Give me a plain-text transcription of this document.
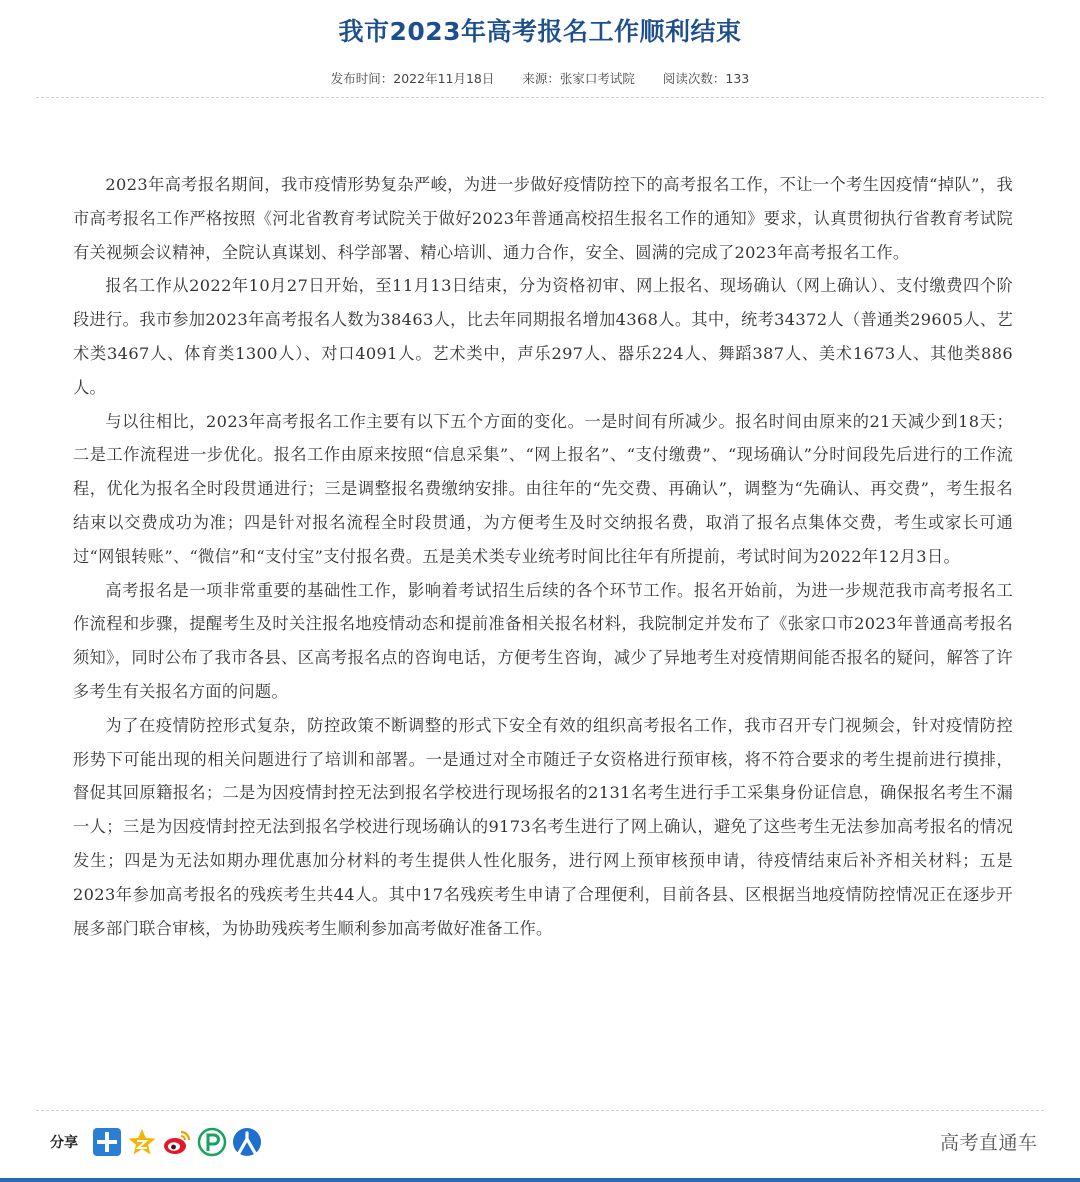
我市2023年高考报名工作顺利结束
发布时间：2022年11月18日 来源：张家口考试院 阅读次数：133

2023年高考报名期间，我市疫情形势复杂严峻，为进一步做好疫情防控下的高考报名工作，不让一个考生因疫情“掉队”，我市高考报名工作严格按照《河北省教育考试院关于做好2023年普通高校招生报名工作的通知》要求，认真贯彻执行省教育考试院有关视频会议精神，全院认真谋划、科学部署、精心培训、通力合作，安全、圆满的完成了2023年高考报名工作。

报名工作从2022年10月27日开始，至11月13日结束，分为资格初审、网上报名、现场确认（网上确认）、支付缴费四个阶段进行。我市参加2023年高考报名人数为38463人，比去年同期报名增加4368人。其中，统考34372人（普通类29605人、艺术类3467人、体育类1300人）、对口4091人。艺术类中，声乐297人、器乐224人、舞蹈387人、美术1673人、其他类886人。

与以往相比，2023年高考报名工作主要有以下五个方面的变化。一是时间有所减少。报名时间由原来的21天减少到18天；二是工作流程进一步优化。报名工作由原来按照“信息采集”、“网上报名”、“支付缴费”、“现场确认”分时间段先后进行的工作流程，优化为报名全时段贯通进行；三是调整报名费缴纳安排。由往年的“先交费、再确认”，调整为“先确认、再交费”，考生报名结束以交费成功为准；四是针对报名流程全时段贯通，为方便考生及时交纳报名费，取消了报名点集体交费，考生或家长可通过“网银转账”、“微信”和“支付宝”支付报名费。五是美术类专业统考时间比往年有所提前，考试时间为2022年12月3日。

高考报名是一项非常重要的基础性工作，影响着考试招生后续的各个环节工作。报名开始前，为进一步规范我市高考报名工作流程和步骤，提醒考生及时关注报名地疫情动态和提前准备相关报名材料，我院制定并发布了《张家口市2023年普通高考报名须知》，同时公布了我市各县、区高考报名点的咨询电话，方便考生咨询，减少了异地考生对疫情期间能否报名的疑问，解答了许多考生有关报名方面的问题。

为了在疫情防控形式复杂，防控政策不断调整的形式下安全有效的组织高考报名工作，我市召开专门视频会，针对疫情防控形势下可能出现的相关问题进行了培训和部署。一是通过对全市随迁子女资格进行预审核，将不符合要求的考生提前进行摸排，督促其回原籍报名；二是为因疫情封控无法到报名学校进行现场报名的2131名考生进行手工采集身份证信息，确保报名考生不漏一人；三是为因疫情封控无法到报名学校进行现场确认的9173名考生进行了网上确认，避免了这些考生无法参加高考报名的情况发生；四是为无法如期办理优惠加分材料的考生提供人性化服务，进行网上预审核预申请，待疫情结束后补齐相关材料；五是2023年参加高考报名的残疾考生共44人。其中17名残疾考生申请了合理便利，目前各县、区根据当地疫情防控情况正在逐步开展多部门联合审核，为协助残疾考生顺利参加高考做好准备工作。

分享	高考直通车
